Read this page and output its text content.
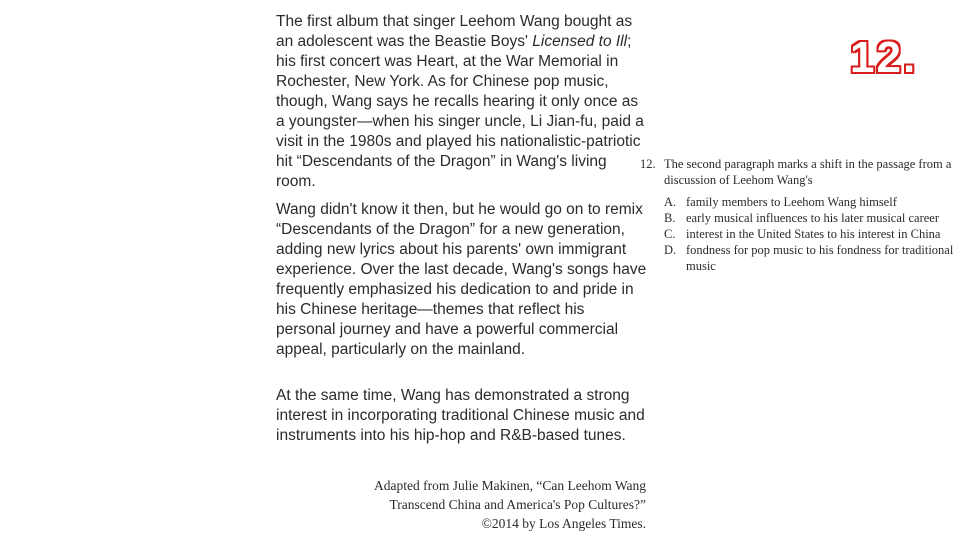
The first album that singer Leehom Wang bought as an adolescent was the Beastie Boys' Licensed to Ill; his first concert was Heart, at the War Memorial in Rochester, New York. As for Chinese pop music, though, Wang says he recalls hearing it only once as a youngster—when his singer uncle, Li Jian-fu, paid a visit in the 1980s and played his nationalistic-patriotic hit “Descendants of the Dragon” in Wang's living room.

Wang didn't know it then, but he would go on to remix “Descendants of the Dragon” for a new generation, adding new lyrics about his parents' own immigrant experience. Over the last decade, Wang's songs have frequently emphasized his dedication to and pride in his Chinese heritage—themes that reflect his personal journey and have a powerful commercial appeal, particularly on the mainland.

At the same time, Wang has demonstrated a strong interest in incorporating traditional Chinese music and instruments into his hip-hop and R&B-based tunes.

Adapted from Julie Makinen, “Can Leehom Wang
Transcend China and America's Pop Cultures?”
©2014 by Los Angeles Times.
12.
12. The second paragraph marks a shift in the passage from a discussion of Leehom Wang's
A. family members to Leehom Wang himself
B. early musical influences to his later musical career
C. interest in the United States to his interest in China
D. fondness for pop music to his fondness for traditional music
